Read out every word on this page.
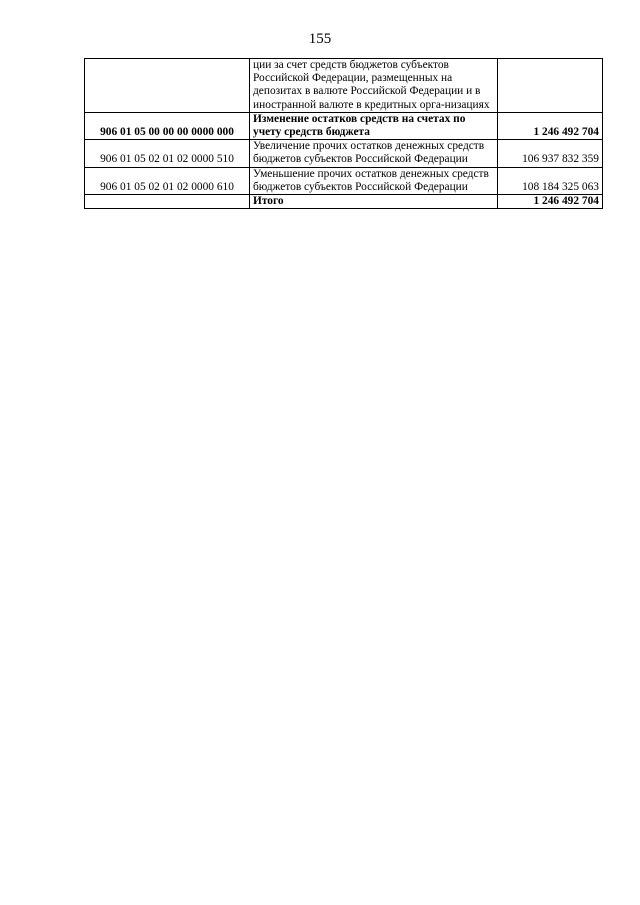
155
	ции за счет средств бюджетов субъектов Российской Федерации, размещенных на депозитах в валюте Российской Федерации и в иностранной валюте в кредитных орга-низациях	
906 01 05 00 00 00 0000 000	Изменение остатков средств на счетах по учету средств бюджета	1 246 492 704
906 01 05 02 01 02 0000 510	Увеличение прочих остатков денежных средств бюджетов субъектов Российской Федерации	106 937 832 359
906 01 05 02 01 02 0000 610	Уменьшение прочих остатков денежных средств бюджетов субъектов Российской Федерации	108 184 325 063
	Итого	1 246 492 704
